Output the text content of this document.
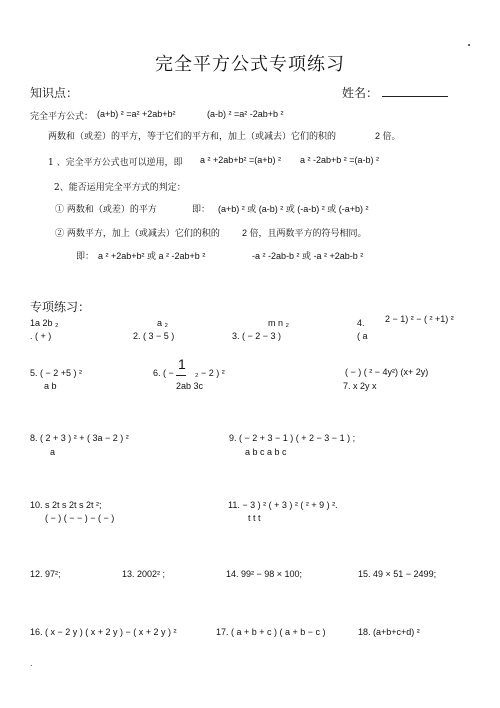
完全平方公式专项练习
知识点：	姓名：
完全平方公式： (a+b) ² =a² +2ab+b²	(a-b) ² =a² -2ab+b ²
两数和（或差）的平方，等于它们的平方和，加上（或减去）它们的积的	2 倍。
1 、完全平方公式也可以逆用，即 a ² +2ab+b² =(a+b) ² a ² -2ab+b ² =(a-b) ²
2、能否运用完全平方式的判定：
① 两数和（或差）的平方	即： (a+b) ² 或 (a-b) ² 或 (-a-b) ² 或 (-a+b) ²
② 两数平方，加上（或减去）它们的积的 2 倍，且两数平方的符号相同。
即： a ² +2ab+b² 或 a ² -2ab+b ²	-a ² -2ab-b ² 或 -a ² +2ab-b ²
专项练习：
1a 2b ₂
. ( + )
a ₂
2. ( 3 − 5 )
m n ₂
3. ( − 2 − 3 )
4. 2 − 1) ² − ( ² +1) ²
( a
5. ( − 2 +5 ) ²
a b
6. ( −
1
₂ − 2 ) ²
2ab 3c
( − ) ( ² − 4y²) (x+ 2y)
7. x 2y x
8. ( 2 + 3 ) ² + ( 3a − 2 ) ²
a
9. ( − 2 + 3 − 1 ) ( + 2 − 3 − 1 ) ;
a b c a b c
10. s 2t s 2t s 2t ²;
( − ) ( − − ) − ( − )
11. − 3 ) ² ( + 3 ) ² ( ² + 9 ) ².
t t t
12. 97²;	13. 2002² ;	14. 99² − 98 × 100;	15. 49 × 51 − 2499;
16. ( x − 2 y ) ( x + 2 y ) − ( x + 2 y ) ²	17. ( a + b + c ) ( a + b − c )	18. (a+b+c+d) ²
.
